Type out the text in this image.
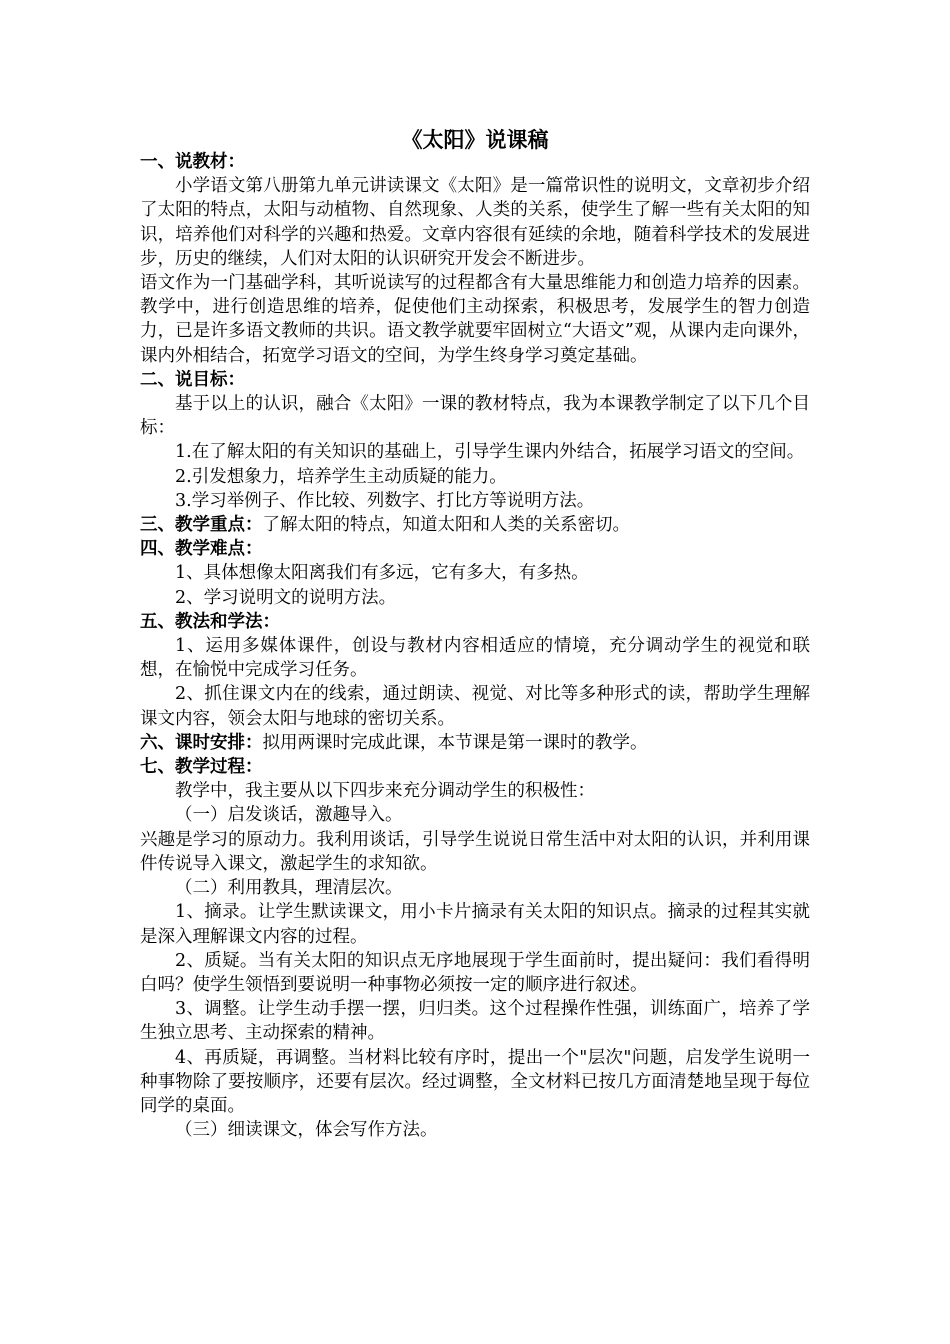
《太阳》说课稿

一、说教材：

小学语文第八册第九单元讲读课文《太阳》是一篇常识性的说明文，文章初步介绍了太阳的特点，太阳与动植物、自然现象、人类的关系，使学生了解一些有关太阳的知识，培养他们对科学的兴趣和热爱。文章内容很有延续的余地，随着科学技术的发展进步，历史的继续，人们对太阳的认识研究开发会不断进步。

语文作为一门基础学科，其听说读写的过程都含有大量思维能力和创造力培养的因素。教学中，进行创造思维的培养，促使他们主动探索，积极思考，发展学生的智力创造力，已是许多语文教师的共识。语文教学就要牢固树立“大语文”观，从课内走向课外，课内外相结合，拓宽学习语文的空间，为学生终身学习奠定基础。

二、说目标：

基于以上的认识，融合《太阳》一课的教材特点，我为本课教学制定了以下几个目标：

1.在了解太阳的有关知识的基础上，引导学生课内外结合，拓展学习语文的空间。

2.引发想象力，培养学生主动质疑的能力。

3.学习举例子、作比较、列数字、打比方等说明方法。

三、教学重点：了解太阳的特点，知道太阳和人类的关系密切。

四、教学难点：

1、具体想像太阳离我们有多远，它有多大，有多热。

2、学习说明文的说明方法。

五、教法和学法：

1、运用多媒体课件，创设与教材内容相适应的情境，充分调动学生的视觉和联想，在愉悦中完成学习任务。

2、抓住课文内在的线索，通过朗读、视觉、对比等多种形式的读，帮助学生理解课文内容，领会太阳与地球的密切关系。

六、课时安排：拟用两课时完成此课，本节课是第一课时的教学。

七、教学过程：

教学中，我主要从以下四步来充分调动学生的积极性：

（一）启发谈话，激趣导入。

兴趣是学习的原动力。我利用谈话，引导学生说说日常生活中对太阳的认识，并利用课件传说导入课文，激起学生的求知欲。

（二）利用教具，理清层次。

1、摘录。让学生默读课文，用小卡片摘录有关太阳的知识点。摘录的过程其实就是深入理解课文内容的过程。

2、质疑。当有关太阳的知识点无序地展现于学生面前时，提出疑问：我们看得明白吗？使学生领悟到要说明一种事物必须按一定的顺序进行叙述。

3、调整。让学生动手摆一摆，归归类。这个过程操作性强，训练面广，培养了学生独立思考、主动探索的精神。

4、再质疑，再调整。当材料比较有序时，提出一个"层次"问题，启发学生说明一种事物除了要按顺序，还要有层次。经过调整，全文材料已按几方面清楚地呈现于每位同学的桌面。

（三）细读课文，体会写作方法。
